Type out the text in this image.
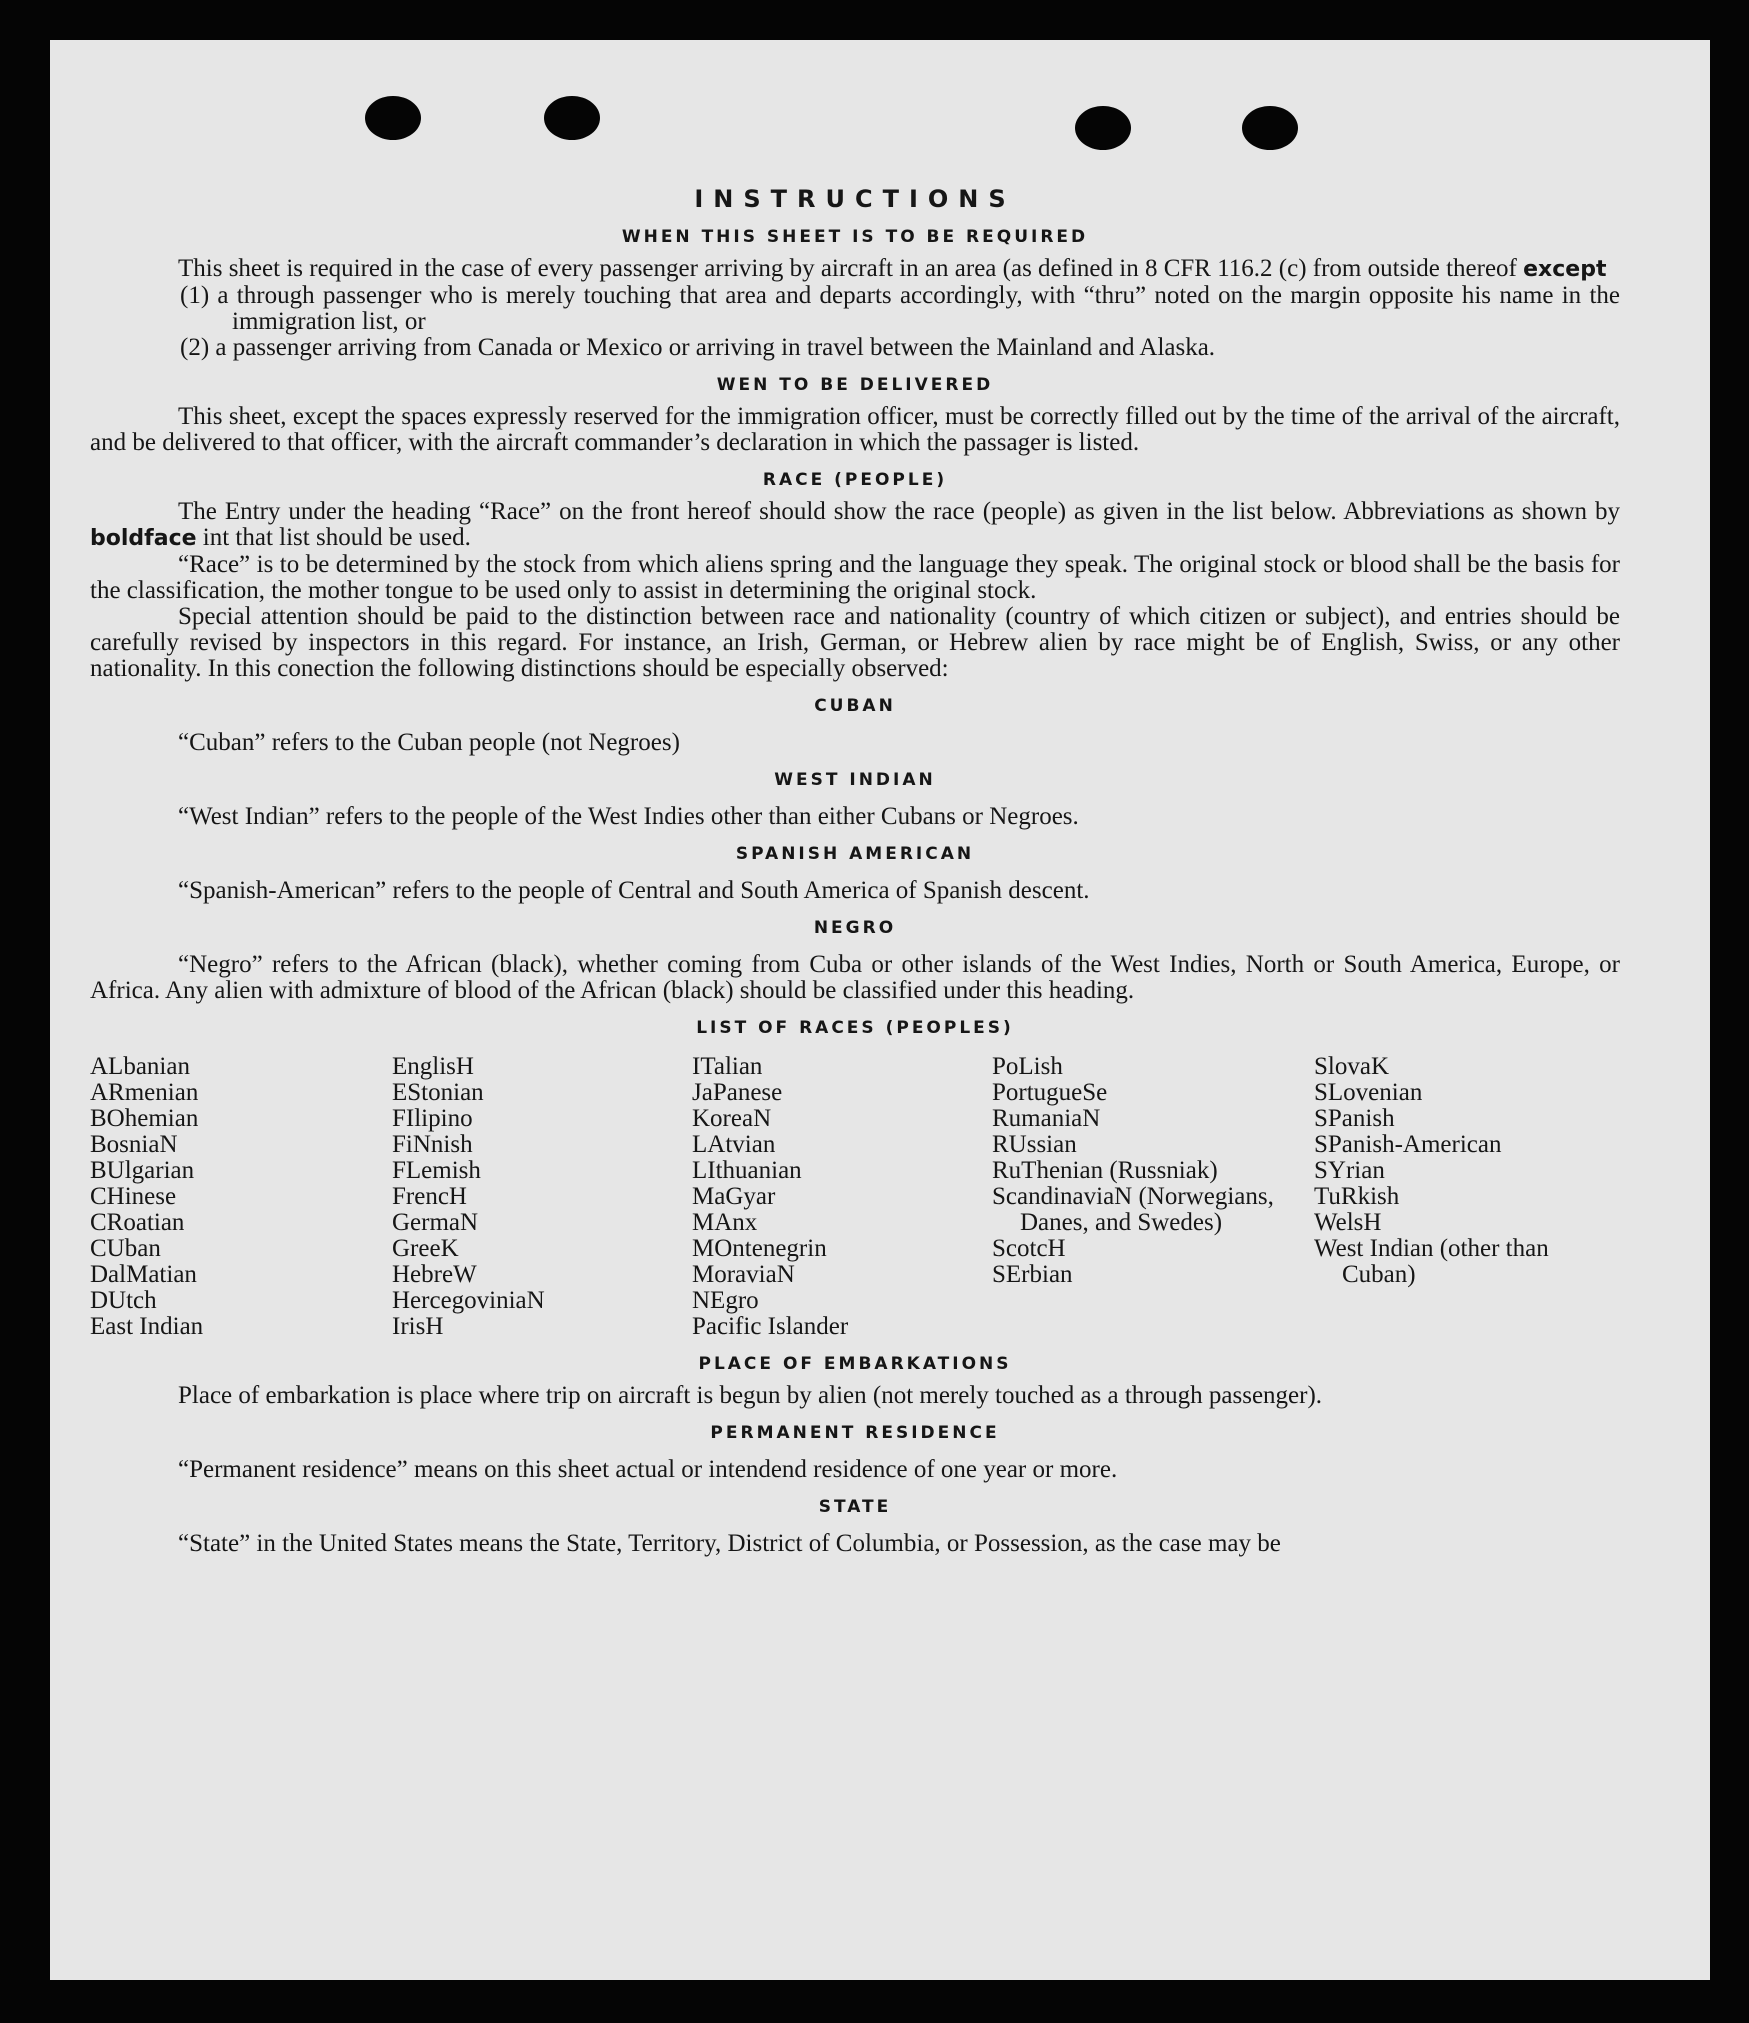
INSTRUCTIONS
WHEN THIS SHEET IS TO BE REQUIRED

This sheet is required in the case of every passenger arriving by aircraft in an area (as defined in 8 CFR 116.2 (c) from outside thereof except

(1) a through passenger who is merely touching that area and departs accordingly, with “thru” noted on the margin opposite his name in the immigration list, or

(2) a passenger arriving from Canada or Mexico or arriving in travel between the Mainland and Alaska.

WEN TO BE DELIVERED

This sheet, except the spaces expressly reserved for the immigration officer, must be correctly filled out by the time of the arrival of the aircraft, and be delivered to that officer, with the aircraft commander’s declaration in which the passager is listed.

RACE (PEOPLE)

The Entry under the heading “Race” on the front hereof should show the race (people) as given in the list below. Abbreviations as shown by boldface int that list should be used.

“Race” is to be determined by the stock from which aliens spring and the language they speak. The original stock or blood shall be the basis for the classification, the mother tongue to be used only to assist in determining the original stock.

Special attention should be paid to the distinction between race and nationality (country of which citizen or subject), and entries should be carefully revised by inspectors in this regard. For instance, an Irish, German, or Hebrew alien by race might be of English, Swiss, or any other nationality. In this conection the following distinctions should be especially observed:

CUBAN

“Cuban” refers to the Cuban people (not Negroes)

WEST INDIAN

“West Indian” refers to the people of the West Indies other than either Cubans or Negroes.

SPANISH AMERICAN

“Spanish-American” refers to the people of Central and South America of Spanish descent.

NEGRO

“Negro” refers to the African (black), whether coming from Cuba or other islands of the West Indies, North or South America, Europe, or Africa. Any alien with admixture of blood of the African (black) should be classified under this heading.

LIST OF RACES (PEOPLES)
ALbanian
ARmenian
BOhemian
BosniaN
BUlgarian
CHinese
CRoatian
CUban
DalMatian
DUtch
East Indian
EnglisH
EStonian
FIlipino
FiNnish
FLemish
FrencH
GermaN
GreeK
HebreW
HercegoviniaN
IrisH
ITalian
JaPanese
KoreaN
LAtvian
LIthuanian
MaGyar
MAnx
MOntenegrin
MoraviaN
NEgro
Pacific Islander
PoLish
PortugueSe
RumaniaN
RUssian
RuThenian (Russniak)
ScandinaviaN (Norwegians, Danes, and Swedes)
ScotcH
SErbian
SlovaK
SLovenian
SPanish
SPanish-American
SYrian
TuRkish
WelsH
West Indian (other than Cuban)
PLACE OF EMBARKATIONS

Place of embarkation is place where trip on aircraft is begun by alien (not merely touched as a through passenger).

PERMANENT RESIDENCE

“Permanent residence” means on this sheet actual or intendend residence of one year or more.

STATE

“State” in the United States means the State, Territory, District of Columbia, or Possession, as the case may be
